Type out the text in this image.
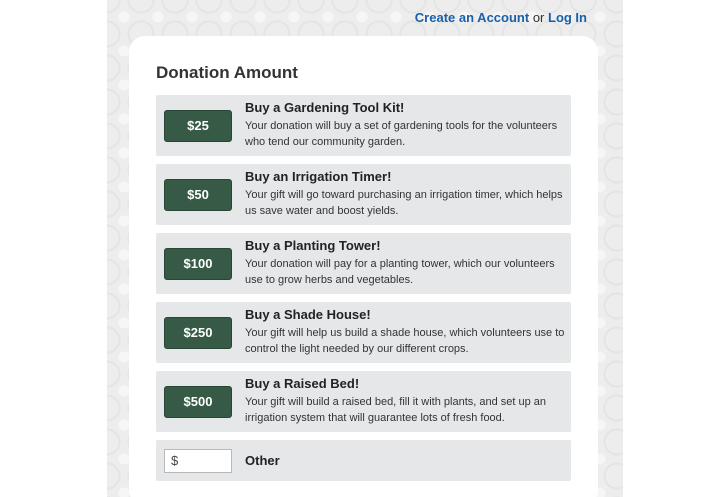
Create an Account or Log In
Donation Amount
$25
Buy a Gardening Tool Kit!
Your donation will buy a set of gardening tools for the volunteers who tend our community garden.
$50
Buy an Irrigation Timer!
Your gift will go toward purchasing an irrigation timer, which helps us save water and boost yields.
$100
Buy a Planting Tower!
Your donation will pay for a planting tower, which our volunteers use to grow herbs and vegetables.
$250
Buy a Shade House!
Your gift will help us build a shade house, which volunteers use to control the light needed by our different crops.
$500
Buy a Raised Bed!
Your gift will build a raised bed, fill it with plants, and set up an irrigation system that will guarantee lots of fresh food.
$	Other
